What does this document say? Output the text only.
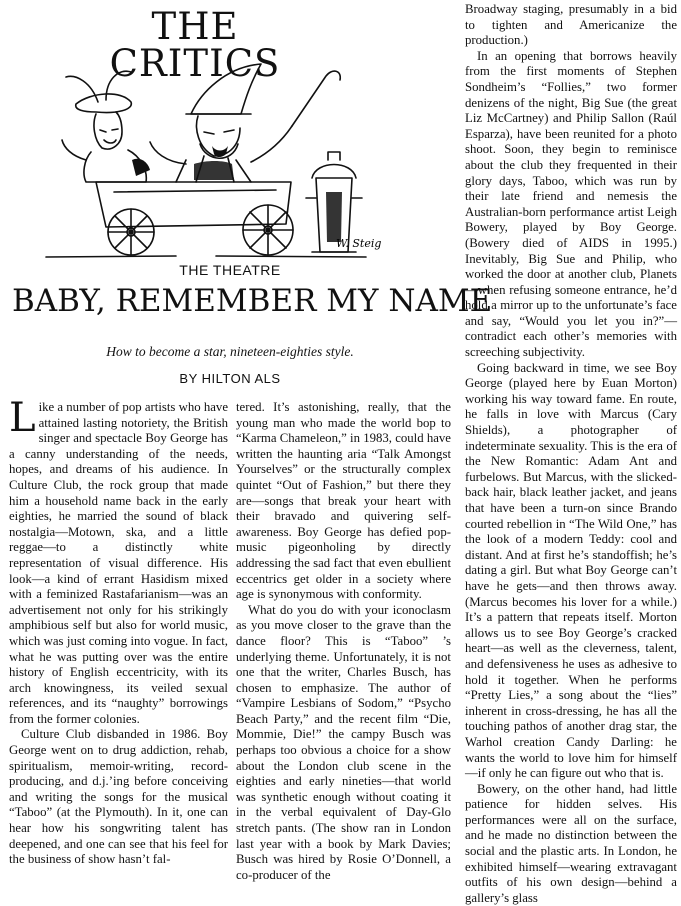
THE CRITICS
W. Steig
THE THEATRE
BABY, REMEMBER MY NAME
How to become a star, nineteen-eighties style.
BY HILTON ALS

Like a number of pop artists who have attained lasting notoriety, the British singer and spectacle Boy George has a canny understanding of the needs, hopes, and dreams of his audience. In Culture Club, the rock group that made him a household name back in the early eighties, he married the sound of black nostalgia—Motown, ska, and a little reggae—to a distinctly white representation of visual difference. His look—a kind of errant Hasidism mixed with a feminized Rastafarianism—was an advertisement not only for his strikingly amphibious self but also for world music, which was just coming into vogue. In fact, what he was putting over was the entire history of English eccentricity, with its arch knowingness, its veiled sexual references, and its “naughty” borrowings from the former colonies.

Culture Club disbanded in 1986. Boy George went on to drug addiction, rehab, spiritualism, memoir-writing, record-producing, and d.j.’ing before conceiving and writing the songs for the musical “Taboo” (at the Plymouth). In it, one can hear how his songwriting talent has deepened, and one can see that his feel for the business of show hasn’t fal-

tered. It’s astonishing, really, that the young man who made the world bop to “Karma Chameleon,” in 1983, could have written the haunting aria “Talk Amongst Yourselves” or the structurally complex quintet “Out of Fashion,” but there they are—songs that break your heart with their bravado and quivering self-awareness. Boy George has defied pop-music pigeonholing by directly addressing the sad fact that even ebullient eccentrics get older in a society where age is synonymous with conformity.

What do you do with your iconoclasm as you move closer to the grave than the dance floor? This is “Taboo” ’s underlying theme. Unfortunately, it is not one that the writer, Charles Busch, has chosen to emphasize. The author of “Vampire Lesbians of Sodom,” “Psycho Beach Party,” and the recent film “Die, Mommie, Die!” the campy Busch was perhaps too obvious a choice for a show about the London club scene in the eighties and early nineties—that world was synthetic enough without coating it in the verbal equivalent of Day-Glo stretch pants. (The show ran in London last year with a book by Mark Davies; Busch was hired by Rosie O’Donnell, a co-producer of the

Broadway staging, presumably in a bid to tighten and Americanize the production.)

In an opening that borrows heavily from the first moments of Stephen Sondheim’s “Follies,” two former denizens of the night, Big Sue (the great Liz McCartney) and Philip Sallon (Raúl Esparza), have been reunited for a photo shoot. Soon, they begin to reminisce about the club they frequented in their glory days, Taboo, which was run by their late friend and nemesis the Australian-born performance artist Leigh Bowery, played by Boy George. (Bowery died of AIDS in 1995.) Inevitably, Big Sue and Philip, who worked the door at another club, Planets—when refusing someone entrance, he’d hold a mirror up to the unfortunate’s face and say, “Would you let you in?”—contradict each other’s memories with screeching subjectivity.

Going backward in time, we see Boy George (played here by Euan Morton) working his way toward fame. En route, he falls in love with Marcus (Cary Shields), a photographer of indeterminate sexuality. This is the era of the New Romantic: Adam Ant and furbelows. But Marcus, with the slicked-back hair, black leather jacket, and jeans that have been a turn-on since Brando courted rebellion in “The Wild One,” has the look of a modern Teddy: cool and distant. And at first he’s standoffish; he’s dating a girl. But what Boy George can’t have he gets—and then throws away. (Marcus becomes his lover for a while.) It’s a pattern that repeats itself. Morton allows us to see Boy George’s cracked heart—as well as the cleverness, talent, and defensiveness he uses as adhesive to hold it together. When he performs “Pretty Lies,” a song about the “lies” inherent in cross-dressing, he has all the touching pathos of another drag star, the Warhol creation Candy Darling: he wants the world to love him for himself—if only he can figure out who that is.

Bowery, on the other hand, had little patience for hidden selves. His performances were all on the surface, and he made no distinction between the social and the plastic arts. In London, he exhibited himself—wearing extravagant outfits of his own design—behind a gallery’s glass
